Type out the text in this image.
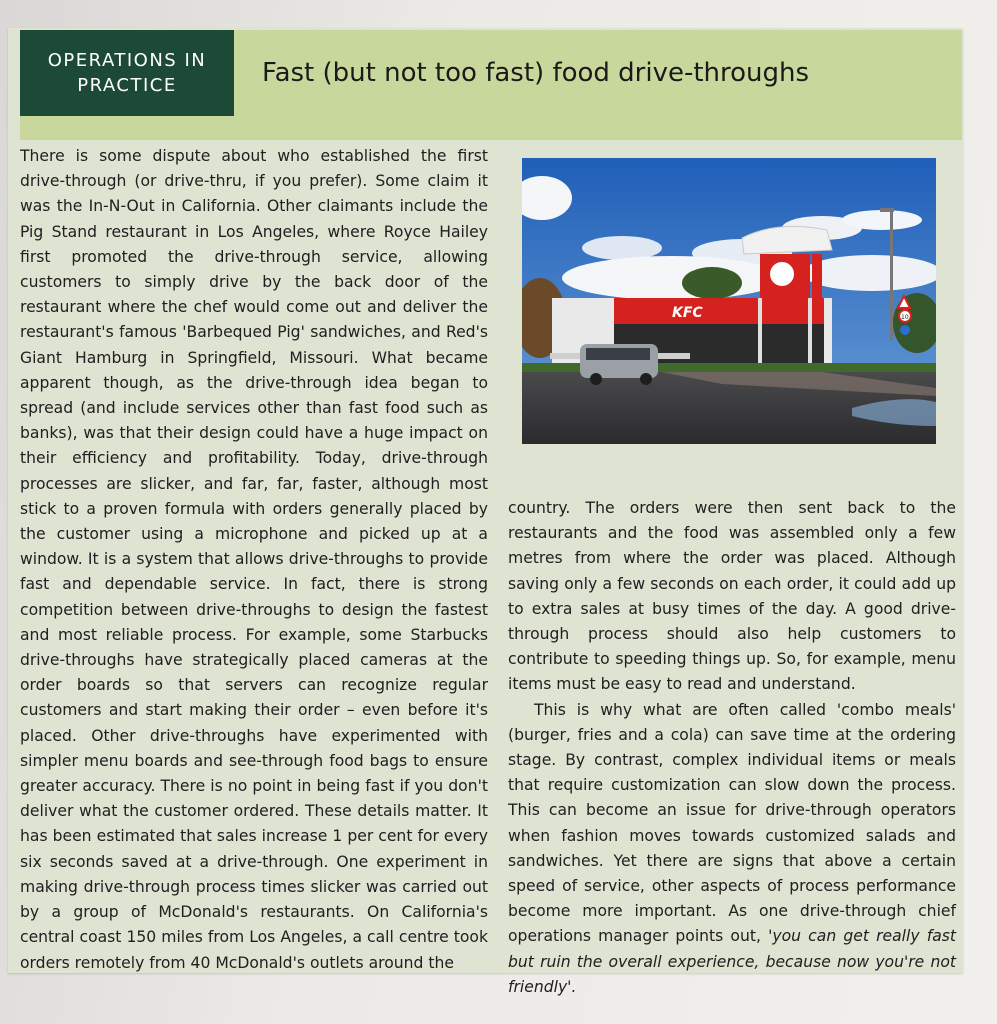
OPERATIONS IN
PRACTICE	Fast (but not too fast) food drive-throughs

There is some dispute about who established the first drive-through (or drive-thru, if you prefer). Some claim it was the In-N-Out in California. Other claimants include the Pig Stand restaurant in Los Angeles, where Royce Hailey first promoted the drive-through service, allowing customers to simply drive by the back door of the restaurant where the chef would come out and deliver the restaurant's famous 'Barbequed Pig' sandwiches, and Red's Giant Hamburg in Springfield, Missouri. What became apparent though, as the drive-through idea began to spread (and include services other than fast food such as banks), was that their design could have a huge impact on their efficiency and profitability. Today, drive-through processes are slicker, and far, far, faster, although most stick to a proven formula with orders generally placed by the customer using a microphone and picked up at a window. It is a system that allows drive-throughs to provide fast and dependable service. In fact, there is strong competition between drive-throughs to design the fastest and most reliable process. For example, some Starbucks drive-throughs have strategically placed cameras at the order boards so that servers can recognize regular customers and start making their order – even before it's placed. Other drive-throughs have experimented with simpler menu boards and see-through food bags to ensure greater accuracy. There is no point in being fast if you don't deliver what the customer ordered. These details matter. It has been estimated that sales increase 1 per cent for every six seconds saved at a drive-through. One experiment in making drive-through process times slicker was carried out by a group of McDonald's restaurants. On California's central coast 150 miles from Los Angeles, a call centre took orders remotely from 40 McDonald's outlets around the

KFC	10

country. The orders were then sent back to the restaurants and the food was assembled only a few metres from where the order was placed. Although saving only a few seconds on each order, it could add up to extra sales at busy times of the day. A good drive-through process should also help customers to contribute to speeding things up. So, for example, menu items must be easy to read and understand.

This is why what are often called 'combo meals' (burger, fries and a cola) can save time at the ordering stage. By contrast, complex individual items or meals that require customization can slow down the process. This can become an issue for drive-through operators when fashion moves towards customized salads and sandwiches. Yet there are signs that above a certain speed of service, other aspects of process performance become more important. As one drive-through chief operations manager points out, 'you can get really fast but ruin the overall experience, because now you're not friendly'.
